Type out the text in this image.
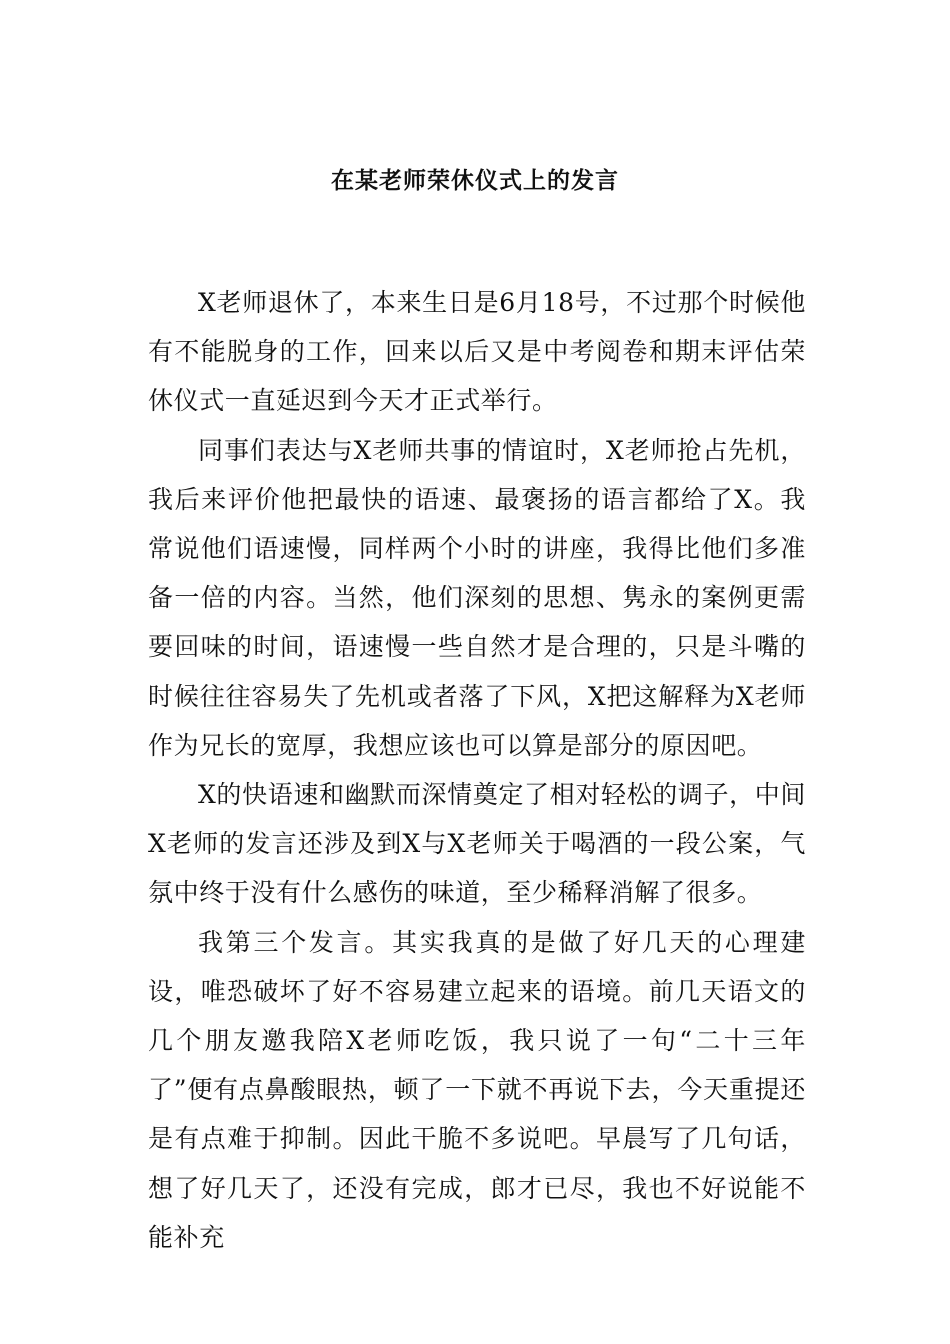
在某老师荣休仪式上的发言

X老师退休了，本来生日是6月18号，不过那个时候他有不能脱身的工作，回来以后又是中考阅卷和期末评估荣休仪式一直延迟到今天才正式举行。

同事们表达与X老师共事的情谊时，X老师抢占先机，我后来评价他把最快的语速、最褒扬的语言都给了X。我常说他们语速慢，同样两个小时的讲座，我得比他们多准备一倍的内容。当然，他们深刻的思想、隽永的案例更需要回味的时间，语速慢一些自然才是合理的，只是斗嘴的时候往往容易失了先机或者落了下风，X把这解释为X老师作为兄长的宽厚，我想应该也可以算是部分的原因吧。

X的快语速和幽默而深情奠定了相对轻松的调子，中间X老师的发言还涉及到X与X老师关于喝酒的一段公案，气氛中终于没有什么感伤的味道，至少稀释消解了很多。

我第三个发言。其实我真的是做了好几天的心理建设，唯恐破坏了好不容易建立起来的语境。前几天语文的几个朋友邀我陪X老师吃饭，我只说了一句“二十三年了”便有点鼻酸眼热，顿了一下就不再说下去，今天重提还是有点难于抑制。因此干脆不多说吧。早晨写了几句话，想了好几天了，还没有完成，郎才已尽，我也不好说能不能补充
